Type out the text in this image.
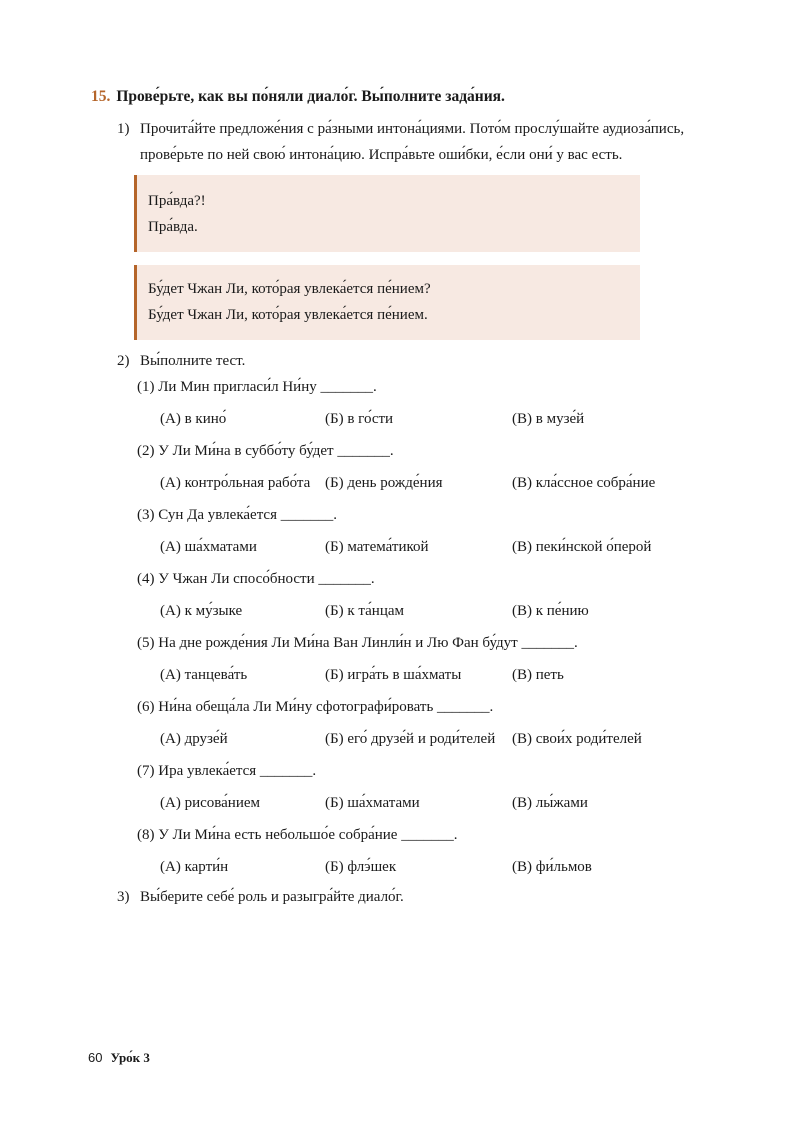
15. Прове́рьте, как вы по́няли диало́г. Вы́полните зада́ния.
1) Прочита́йте предложе́ния с ра́зными интона́циями. Пото́м прослу́шайте аудиоза́пись,
прове́рьте по ней свою́ интона́цию. Испра́вьте оши́бки, е́сли они́ у вас есть.
Пра́вда?!
Пра́вда.
Бу́дет Чжан Ли, кото́рая увлека́ется пе́нием?
Бу́дет Чжан Ли, кото́рая увлека́ется пе́нием.
2) Вы́полните тест.
(1) Ли Мин пригласи́л Ни́ну _______.
(А) в кино́	(Б) в го́сти	(В) в музе́й
(2) У Ли Ми́на в суббо́ту бу́дет _______.
(А) контро́льная рабо́та (Б) день рожде́ния	(В) кла́ссное собра́ние
(3) Сун Да увлека́ется _______.
(А) ша́хматами	(Б) матема́тикой	(В) пеки́нской о́перой
(4) У Чжан Ли спосо́бности _______.
(А) к му́зыке	(Б) к та́нцам	(В) к пе́нию
(5) На дне рожде́ния Ли Ми́на Ван Линли́н и Лю Фан бу́дут _______.
(А) танцева́ть	(Б) игра́ть в ша́хматы	(В) петь
(6) Ни́на обеща́ла Ли Ми́ну сфотографи́ровать _______.
(А) друзе́й	(Б) его́ друзе́й и роди́телей (В) свои́х роди́телей
(7) Ира увлека́ется _______.
(А) рисова́нием	(Б) ша́хматами	(В) лы́жами
(8) У Ли Ми́на есть небольшо́е собра́ние _______.
(А) карти́н	(Б) флэ́шек	(В) фи́льмов
3) Вы́берите себе́ роль и разыгра́йте диало́г.
60 Уро́к 3
